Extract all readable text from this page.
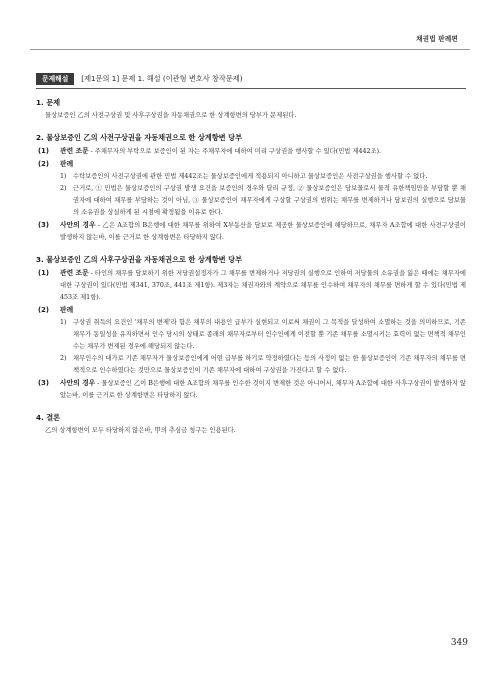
채권법 판례편
문제해설	[제1문의 1] 문제 1. 해설 (이관형 변호사 창작문제)
1. 문제
물상보증인 乙의 사전구상권 및 사후구상권을 자동채권으로 한 상계항변의 당부가 문제된다.
2. 물상보증인 乙의 사전구상권을 자동채권으로 한 상계항변 당부
(1)	관련 조문 - 주채무자의 부탁으로 보증인이 된 자는 주채무자에 대하여 미리 구상권을 행사할 수 있다(민법 제442조).
(2)	판례
1)	수탁보증인의 사전구상권에 관한 민법 제442조는 물상보증인에게 적용되지 아니하고 물상보증인은 사전구상권을 행사할 수 없다.
2)	근거로, ① 민법은 물상보증인의 구상권 발생 요건을 보증인의 경우와 달리 규정, ② 물상보증인은 담보물로서 물적 유한책임만을 부담할 뿐 채권자에 대하여 채무를 부담하는 것이 아님, ③ 물상보증인이 채무자에게 구상할 구상권의 범위는 채무를 변제하거나 담보권의 실행으로 담보물의 소유권을 상실하게 된 시점에 확정됨을 이유로 한다.
(3)	사안의 경우 - 乙은 A조합의 B은행에 대한 채무를 위하여 X부동산을 담보로 제공한 물상보증인에 해당하므로, 채무자 A조합에 대한 사전구상권이 발생하지 않는바, 이를 근거로 한 상계항변은 타당하지 않다.
3. 물상보증인 乙의 사후구상권을 자동채권으로 한 상계항변 당부
(1)	관련 조문 - 타인의 채무를 담보하기 위한 저당권설정자가 그 채무를 변제하거나 저당권의 실행으로 인하여 저당물의 소유권을 잃은 때에는 채무자에 대한 구상권이 있다(민법 제341, 370조, 441조 제1항). 제3자는 채권자와의 계약으로 채무를 인수하여 채무자의 채무를 면하게 할 수 있다(민법 제453조 제1항).
(2)	판례
1)	구상권 취득의 요건인 '채무의 변제'라 함은 채무의 내용인 급부가 실현되고 이로써 채권이 그 목적을 달성하여 소멸하는 것을 의미하므로, 기존 채무가 동일성을 유지하면서 인수 당시의 상태로 종래의 채무자로부터 인수인에게 이전할 뿐 기존 채무를 소멸시키는 효력이 없는 면책적 채무인수는 채무가 변제된 경우에 해당되지 않는다.
2)	채무인수의 대가로 기존 채무자가 물상보증인에게 어떤 급부를 하기로 약정하였다는 등의 사정이 없는 한 물상보증인이 기존 채무자의 채무를 면책적으로 인수하였다는 것만으로 물상보증인이 기존 채무자에 대하여 구상권을 가진다고 할 수 없다.
(3)	사안의 경우 - 물상보증인 乙이 B은행에 대한 A조합의 채무를 인수한 것이지 변제한 것은 아니어서, 채무자 A조합에 대한 사후구상권이 발생하지 않았는바, 이를 근거로 한 상계항변은 타당하지 않다.
4. 결론
乙의 상계항변이 모두 타당하지 않은바, 甲의 추심금 청구는 인용된다.
349
